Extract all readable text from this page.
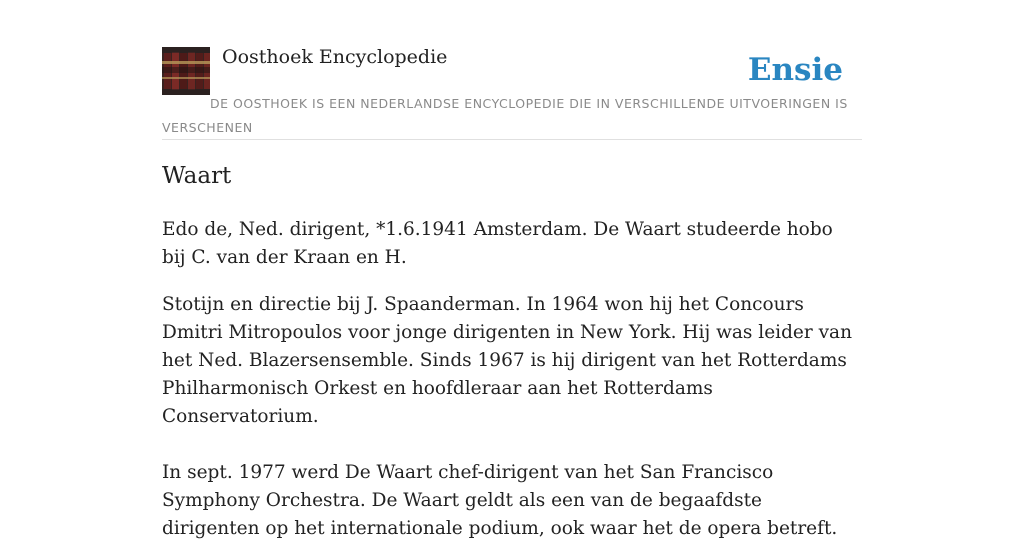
Oosthoek Encyclopedie	Ensie
DE OOSTHOEK IS EEN NEDERLANDSE ENCYCLOPEDIE DIE IN VERSCHILLENDE UITVOERINGEN IS VERSCHENEN
Waart

Edo de, Ned. dirigent, *1.6.1941 Amsterdam. De Waart studeerde hobo bij C. van der Kraan en H.

Stotijn en directie bij J. Spaanderman. In 1964 won hij het Concours Dmitri Mitropoulos voor jonge dirigenten in New York. Hij was leider van het Ned. Blazersensemble. Sinds 1967 is hij dirigent van het Rotterdams Philharmonisch Orkest en hoofdleraar aan het Rotterdams Conservatorium.

In sept. 1977 werd De Waart chef-dirigent van het San Francisco Symphony Orchestra. De Waart geldt als een van de begaafdste dirigenten op het internationale podium, ook waar het de opera betreft.
